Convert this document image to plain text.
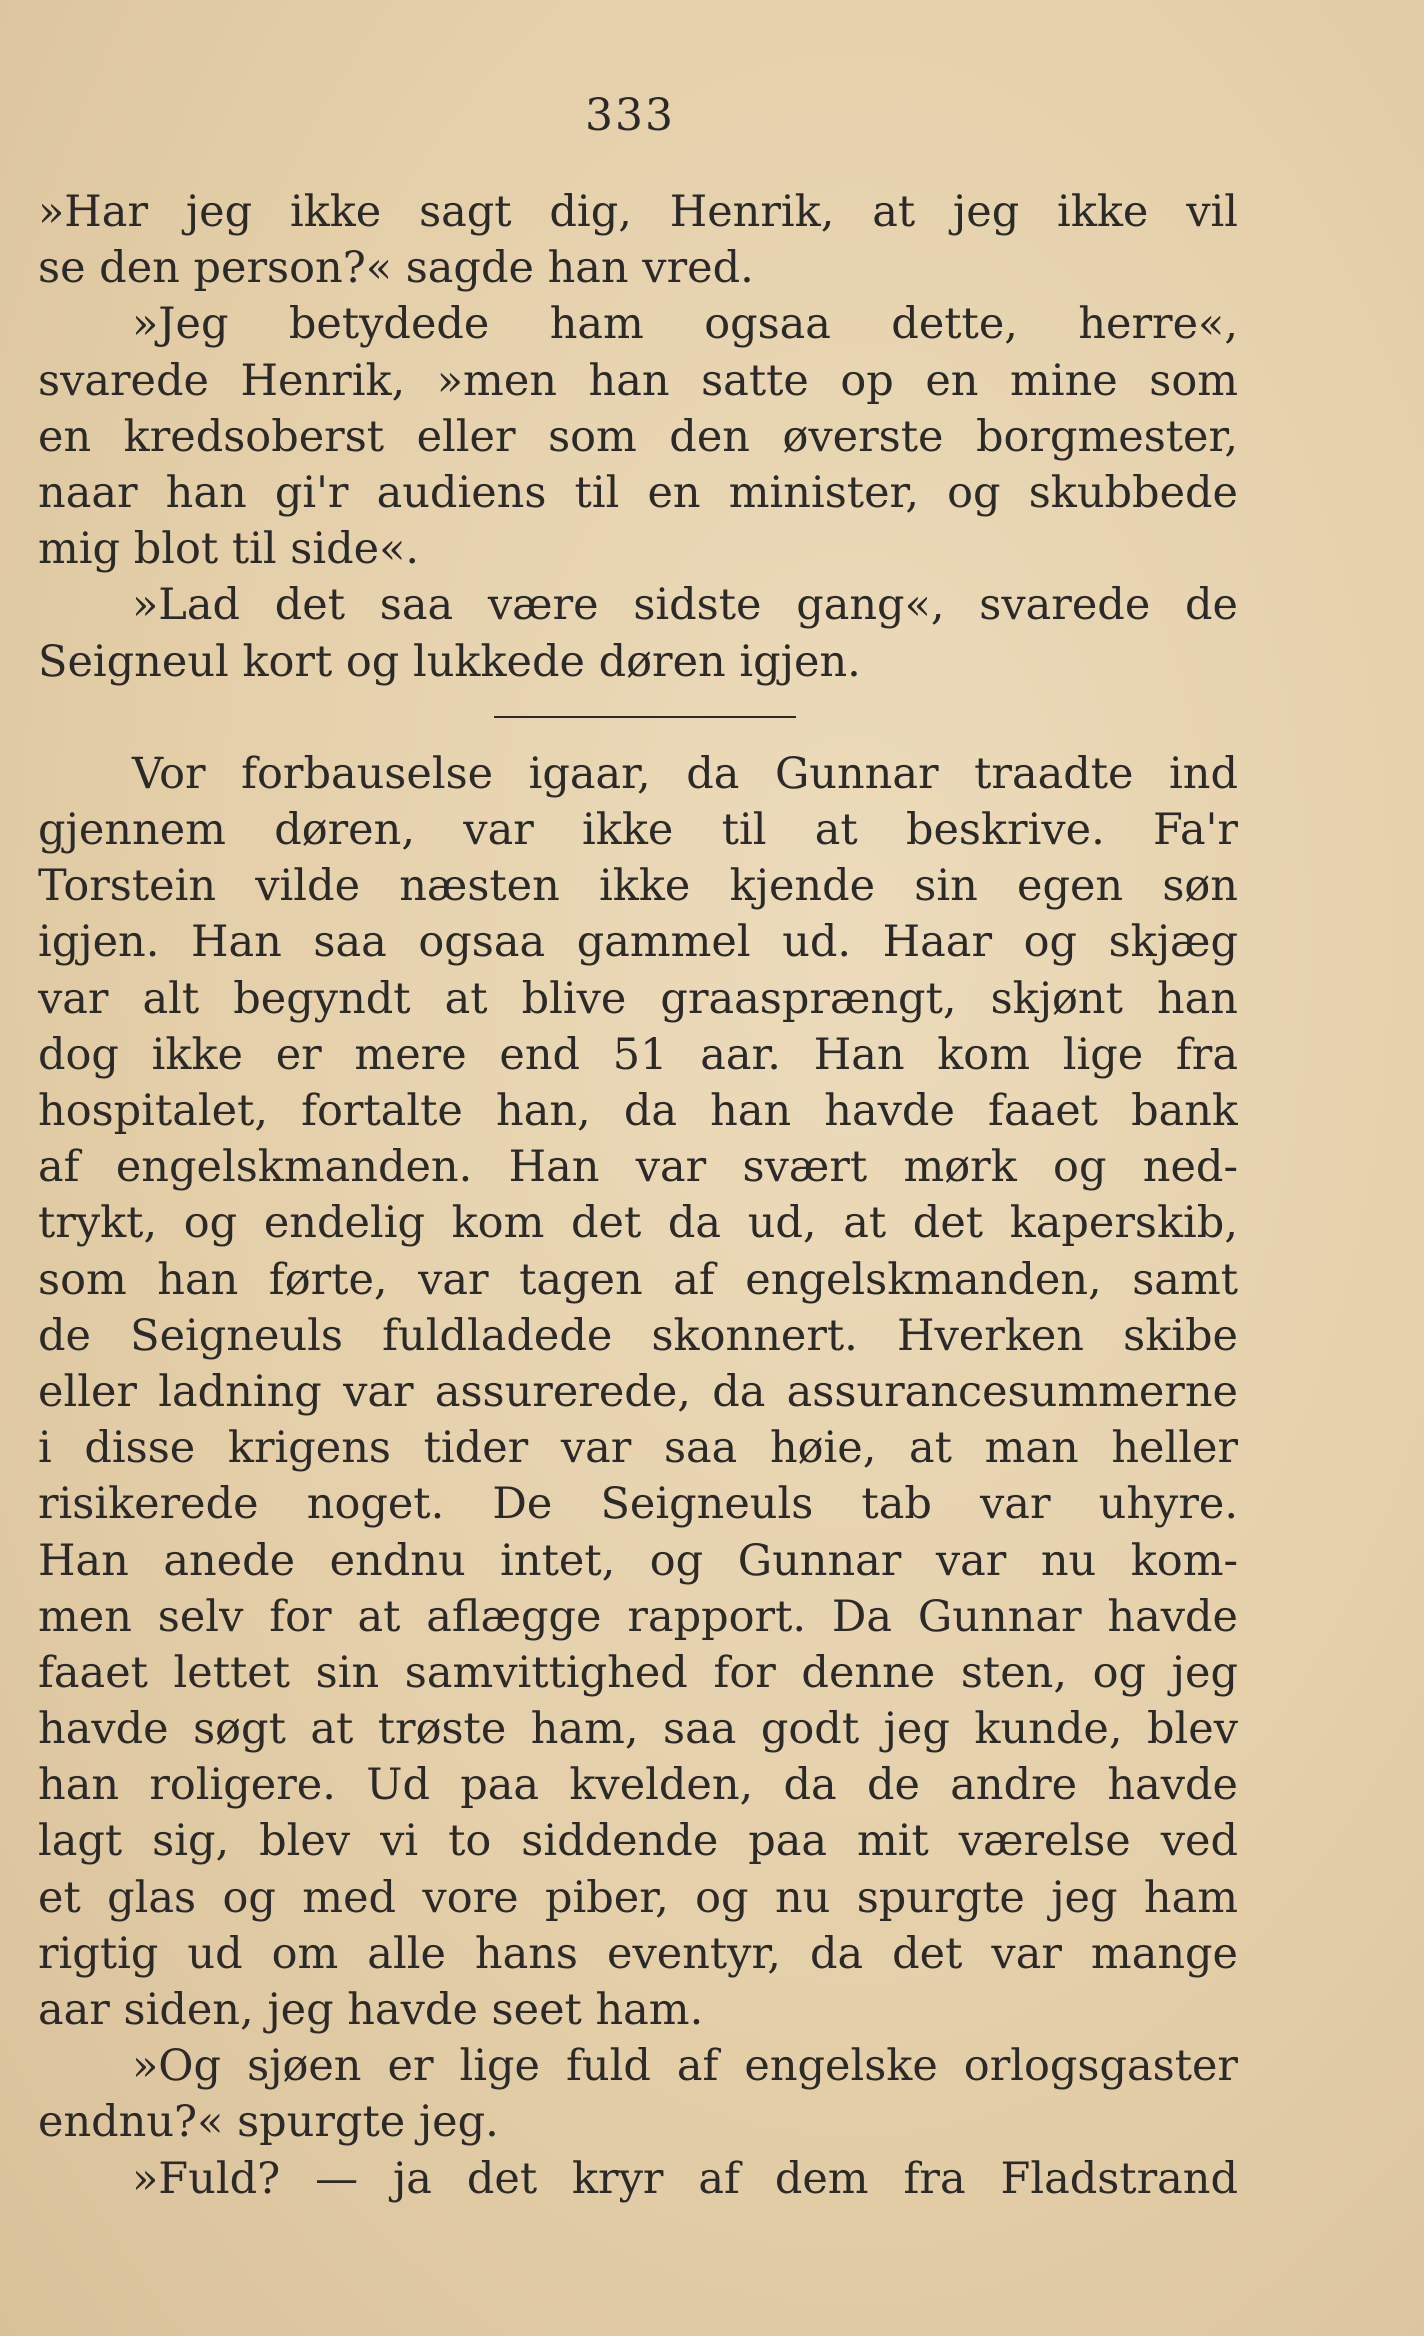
333
»Har jeg ikke sagt dig, Henrik, at jeg ikke vil
se den person?« sagde han vred.
»Jeg betydede ham ogsaa dette, herre«,
svarede Henrik, »men han satte op en mine som
en kredsoberst eller som den øverste borgmester,
naar han gi'r audiens til en minister, og skubbede
mig blot til side«.
»Lad det saa være sidste gang«, svarede de
Seigneul kort og lukkede døren igjen.
Vor forbauselse igaar, da Gunnar traadte ind
gjennem døren, var ikke til at beskrive. Fa'r
Torstein vilde næsten ikke kjende sin egen søn
igjen. Han saa ogsaa gammel ud. Haar og skjæg
var alt begyndt at blive graasprængt, skjønt han
dog ikke er mere end 51 aar. Han kom lige fra
hospitalet, fortalte han, da han havde faaet bank
af engelskmanden. Han var svært mørk og ned-
trykt, og endelig kom det da ud, at det kaperskib,
som han førte, var tagen af engelskmanden, samt
de Seigneuls fuldladede skonnert. Hverken skibe
eller ladning var assurerede, da assurancesummerne
i disse krigens tider var saa høie, at man heller
risikerede noget. De Seigneuls tab var uhyre.
Han anede endnu intet, og Gunnar var nu kom-
men selv for at aflægge rapport. Da Gunnar havde
faaet lettet sin samvittighed for denne sten, og jeg
havde søgt at trøste ham, saa godt jeg kunde, blev
han roligere. Ud paa kvelden, da de andre havde
lagt sig, blev vi to siddende paa mit værelse ved
et glas og med vore piber, og nu spurgte jeg ham
rigtig ud om alle hans eventyr, da det var mange
aar siden, jeg havde seet ham.
»Og sjøen er lige fuld af engelske orlogsgaster
endnu?« spurgte jeg.
»Fuld? — ja det kryr af dem fra Fladstrand
